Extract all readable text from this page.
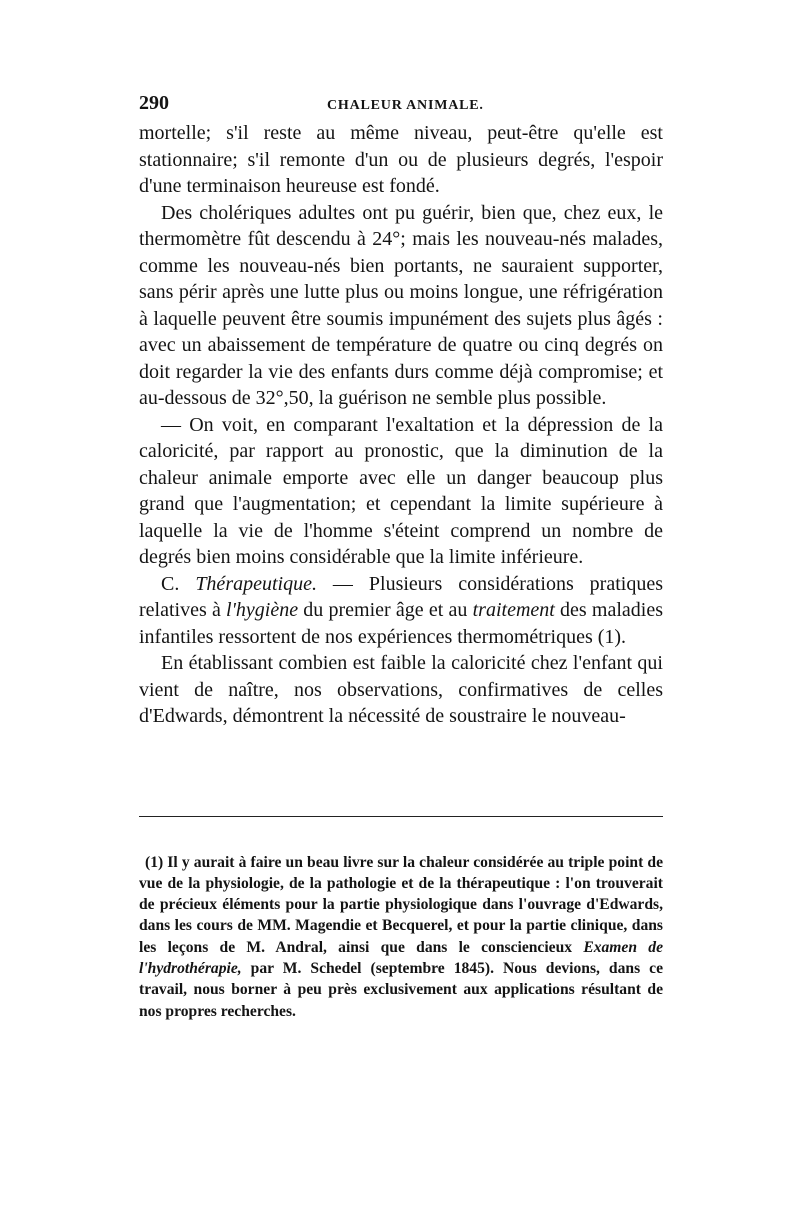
290	CHALEUR ANIMALE.

mortelle; s'il reste au même niveau, peut-être qu'elle est stationnaire; s'il remonte d'un ou de plusieurs degrés, l'espoir d'une terminaison heureuse est fondé.

Des cholériques adultes ont pu guérir, bien que, chez eux, le thermomètre fût descendu à 24°; mais les nouveau-nés malades, comme les nouveau-nés bien portants, ne sauraient supporter, sans périr après une lutte plus ou moins longue, une réfrigération à laquelle peuvent être soumis impunément des sujets plus âgés : avec un abaissement de température de quatre ou cinq degrés on doit regarder la vie des enfants durs comme déjà compromise; et au-dessous de 32°,50, la guérison ne semble plus possible.

— On voit, en comparant l'exaltation et la dépression de la caloricité, par rapport au pronostic, que la diminution de la chaleur animale emporte avec elle un danger beaucoup plus grand que l'augmentation; et cependant la limite supérieure à laquelle la vie de l'homme s'éteint comprend un nombre de degrés bien moins considérable que la limite inférieure.

C. Thérapeutique. — Plusieurs considérations pratiques relatives à l'hygiène du premier âge et au traitement des maladies infantiles ressortent de nos expériences thermométriques (1).

En établissant combien est faible la caloricité chez l'enfant qui vient de naître, nos observations, confirmatives de celles d'Edwards, démontrent la nécessité de soustraire le nouveau-

(1) Il y aurait à faire un beau livre sur la chaleur considérée au triple point de vue de la physiologie, de la pathologie et de la thérapeutique : l'on trouverait de précieux éléments pour la partie physiologique dans l'ouvrage d'Edwards, dans les cours de MM. Magendie et Becquerel, et pour la partie clinique, dans les leçons de M. Andral, ainsi que dans le consciencieux Examen de l'hydrothérapie, par M. Schedel (septembre 1845). Nous devions, dans ce travail, nous borner à peu près exclusivement aux applications résultant de nos propres recherches.
